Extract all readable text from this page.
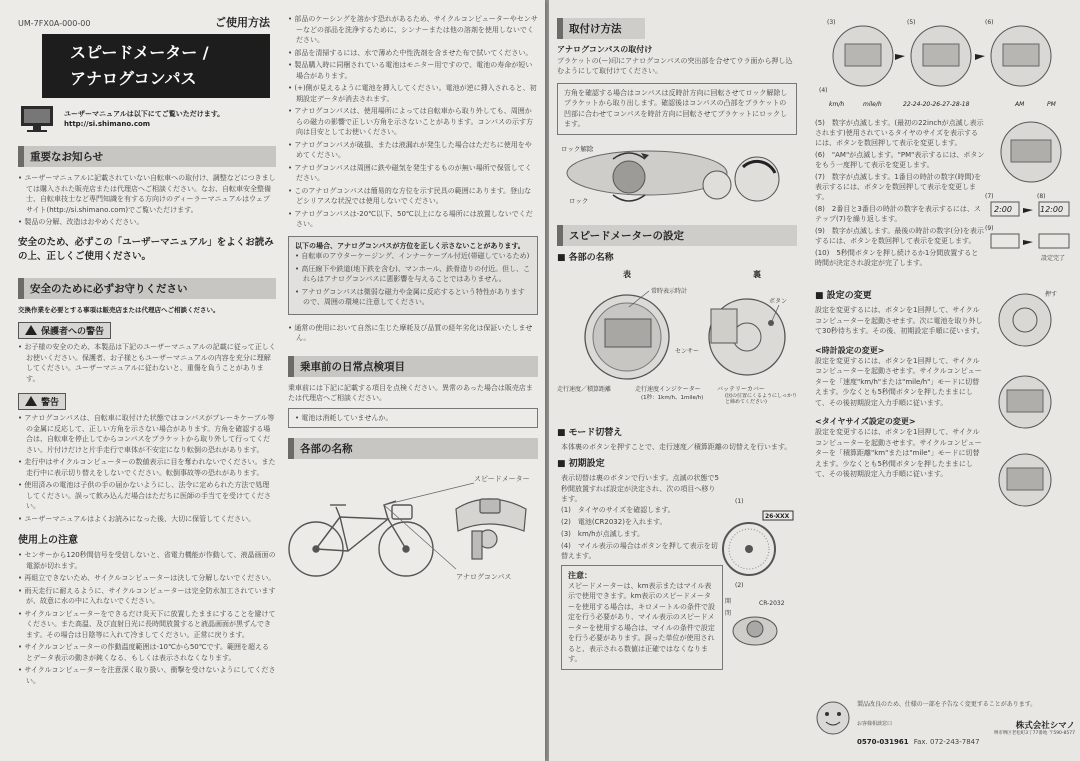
UM-7FX0A-000-00	ご使用方法
スピードメーター /
アナログコンパス
ユーザーマニュアルは以下にてご覧いただけます。
http://si.shimano.com
重要なお知らせ

• ユーザーマニュアルに記載されていない自転車への取付け、調整などにつきましては購入された販売店または代理店へご相談ください。なお、自転車安全整備士、自転車技士など専門知識を有する方向けのディーラーマニュアルはウェブサイト(http://si.shimano.com)でご覧いただけます。

• 製品の分解、改造はおやめください。

安全のため、必ずこの「ユーザーマニュアル」をよくお読みの上、正しくご使用ください。

安全のために必ずお守りください

交換作業を必要とする事項は販売店または代理店へご相談ください。

保護者への警告

• お子様の安全のため、本製品は下記のユーザーマニュアルの記載に従って正しくお使いください。保護者、お子様ともユーザーマニュアルの内容を充分に理解してください。ユーザーマニュアルに従わないと、重傷を負うことがあります。

警告

• アナログコンパスは、自転車に取付けた状態ではコンパスがブレーキケーブル等の金属に反応して、正しい方角を示さない場合があります。方角を確認する場合は、自転車を停止してからコンパスをブラケットから取り外して行ってください。片付けだけと片手走行で車体が不安定になり転倒の恐れがあります。

• 走行中はサイクルコンピューターの数値表示に目を奪われないでください。また走行中に表示切り替えをしないでください。転倒事故等の恐れがあります。

• 使用済みの電池は子供の手の届かないようにし、法令に定められた方法で処理してください。誤って飲み込んだ場合はただちに医師の手当てを受けてください。

• ユーザーマニュアルはよくお読みになった後、大切に保管してください。

使用上の注意

• センサーから120秒間信号を受信しないと、省電力機能が作動して、液晶画面の電源が切れます。

• 再組立できないため、サイクルコンピューターは決して分解しないでください。

• 雨天走行に耐えるように、サイクルコンピューターは完全防水加工されていますが、故意に水の中に入れないでください。

• サイクルコンピューターをできるだけ炎天下に放置したままにすることを避けてください。また高温、及び直射日光に長時間放置すると液晶画面が黒ずんできます。その場合は日陰等に入れて冷ましてください。正常に戻ります。

• サイクルコンピューターの作動温度範囲は-10℃から50℃です。範囲を超えるとデータ表示の動きが鈍くなる、もしくは表示されなくなります。

• サイクルコンピューターを注意深く取り扱い、衝撃を受けないようにしてください。

• 部品のケーシングを溶かす恐れがあるため、サイクルコンピューターやセンサーなどの部品を洗浄するために、シンナーまたは他の溶剤を使用しないでください。

• 部品を清掃するには、水で薄めた中性洗剤を含ませた布で拭いてください。

• 製品購入時に同梱されている電池はモニター用ですので、電池の寿命が短い場合があります。

• (+)側が見えるように電池を挿入してください。電池が逆に挿入されると、初期設定データが消去されます。

• アナログコンパスは、使用場所によっては自転車から取り外しても、周囲からの磁力の影響で正しい方角を示さないことがあります。コンパスの示す方向は目安としてお使いください。

• アナログコンパスが破損、または液漏れが発生した場合はただちに使用をやめてください。

• アナログコンパスは周囲に鉄や磁気を発生するものが無い場所で保管してください。

• このアナログコンパスは簡易的な方位を示す民具の範囲にあります。登山などシリアスな状況では使用しないでください。

• アナログコンパスは-20℃以下、50℃以上になる場所には放置しないでください。

以下の場合、アナログコンパスが方位を正しく示さないことがあります。

• 自転車のアウターケージング、インナーケーブル付近(帯磁しているため)

• 高圧線下や鉄道(地下鉄を含む)、マンホール、鉄骨造りの付近。但し、これらはアナログコンパスに悪影響を与えることではありません。

• アナログコンパスは微弱な磁力や金属に反応するという特性がありますので、周囲の環境に注意してください。

• 通常の使用において自然に生じた摩耗及び品質の経年劣化は保証いたしません。

乗車前の日常点検項目

乗車前には下記に記載する項目を点検ください。異常のあった場合は販売店または代理店へご相談ください。

• 電池は消耗していませんか。

各部の名称
スピードメーター
アナログコンパス
取付け方法
アナログコンパスの取付け

ブラケットの(ー)印にアナログコンパスの突出部を合せてウラ面から押し込むようにして取付けてください。

方角を確認する場合はコンパスは反時計方向に回転させてロック解除しブラケットから取り出します。確認後はコンパスの凸部をブラケットの凹部に合わせてコンパスを時計方向に回転させてブラケットにロックします。

ロック解除
ロック
スピードメーターの設定
■ 各部の名称
表	裏
常時表示時計
ボタン
センサー
走行速度／積算距離	走行速度インジケーター
(1秒：1km/h、1mile/h)
バッテリーカバー
(図の位置にくるようにしっかりと締めてください)
■ モード切替え

本体裏のボタンを押すことで、走行速度／積算距離の切替えを行います。

■ 初期設定

表示切替は裏のボタンで行います。点滅の状態で5秒間放置すれば設定が決定され、次の項目へ移ります。

(1)　タイヤのサイズを確認します。

(2)　電池(CR2032)を入れます。

(3)　km/hが点滅します。

(4)　マイル表示の場合はボタンを押して表示を切替えます。

注意：

スピードメーターは、km表示またはマイル表示で使用できます。km表示のスピードメーターを使用する場合は、キロメートルの条件で設定を行う必要があり、マイル表示のスピードメーターを使用する場合は、マイルの条件で設定を行う必要があります。誤った単位が使用されると、表示される数値は正確ではなくなります。

(1)
26-XXX
(2)
開
閉
CR-2032
(3)	(5)	(6)
(4)
km/h	mile/h	22-24-20-26-27-28-18	AM	PM

(5)　数字が点滅します。(最初の22inchが点滅し表示されます)使用されているタイヤのサイズを表示するには、ボタンを数回押して表示を変更します。

(6)　"AM"が点滅します。"PM"表示するには、ボタンをもう一度押して表示を変更します。

(7)　数字が点滅します。1番目の時計の数字(時間)を表示するには、ボタンを数回押して表示を変更します。

(8)　2番目と3番目の時計の数字を表示するには、ステップ(7)を繰り返します。

(9)　数字が点滅します。最後の時計の数字(分)を表示するには、ボタンを数回押して表示を変更します。

(10)　5秒間ボタンを押し続けるか1分間放置すると時間が決定され設定が完了します。

(7)	(8)
2:00	12:00
(9)
設定完了
■ 設定の変更

設定を変更するには、ボタンを1回押して、サイクルコンピューターを起動させます。次に電池を取り外して30秒待ちます。その後、初期設定手順に従います。

<時計設定の変更>

設定を変更するには、ボタンを1回押して、サイクルコンピューターを起動させます。サイクルコンピューターを「速度"km/h"または"mile/h"」モードに切替えます。少なくとも5秒間ボタンを押したままにして、その後初期設定入力手順に従います。

<タイヤサイズ設定の変更>

設定を変更するには、ボタンを1回押して、サイクルコンピューターを起動させます。サイクルコンピューターを「積算距離"km"または"mile"」モードに切替えます。少なくとも5秒間ボタンを押したままにして、その後初期設定入力手順に従います。

押す
製品改良のため、仕様の一部を予告なく変更することがあります。
お客様相談窓口
0570-031961 Fax. 072-243-7847
株式会社シマノ
堺市堺区老松町3丁77番地 〒590-8577
